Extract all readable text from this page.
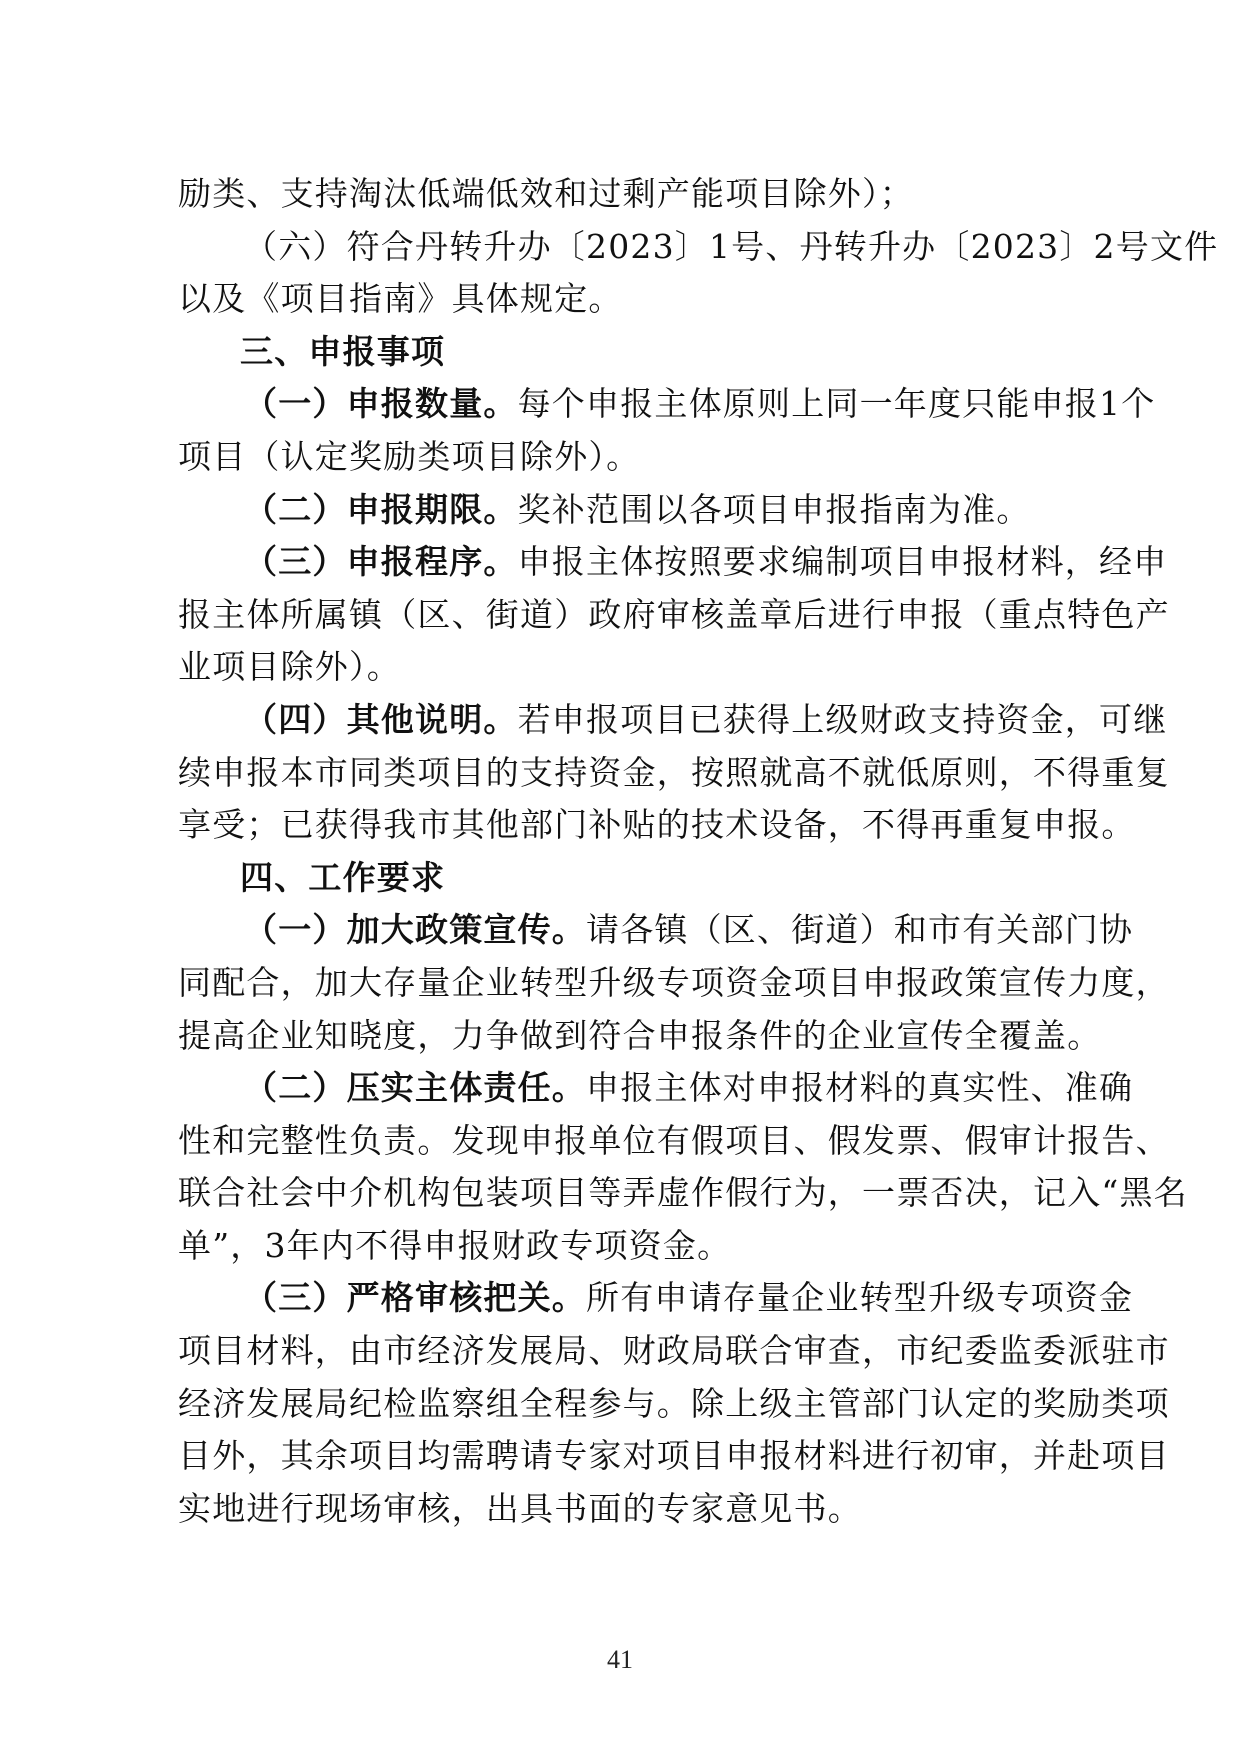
励类、支持淘汰低端低效和过剩产能项目除外）；
（六）符合丹转升办〔2023〕1号、丹转升办〔2023〕2号文件
以及《项目指南》具体规定。
三、申报事项
（一）申报数量。每个申报主体原则上同一年度只能申报1个
项目（认定奖励类项目除外）。
（二）申报期限。奖补范围以各项目申报指南为准。
（三）申报程序。申报主体按照要求编制项目申报材料，经申
报主体所属镇（区、街道）政府审核盖章后进行申报（重点特色产
业项目除外）。
（四）其他说明。若申报项目已获得上级财政支持资金，可继
续申报本市同类项目的支持资金，按照就高不就低原则，不得重复
享受；已获得我市其他部门补贴的技术设备，不得再重复申报。
四、工作要求
（一）加大政策宣传。请各镇（区、街道）和市有关部门协
同配合，加大存量企业转型升级专项资金项目申报政策宣传力度，
提高企业知晓度，力争做到符合申报条件的企业宣传全覆盖。
（二）压实主体责任。申报主体对申报材料的真实性、准确
性和完整性负责。发现申报单位有假项目、假发票、假审计报告、
联合社会中介机构包装项目等弄虚作假行为，一票否决，记入“黑名
单”，3年内不得申报财政专项资金。
（三）严格审核把关。所有申请存量企业转型升级专项资金
项目材料，由市经济发展局、财政局联合审查，市纪委监委派驻市
经济发展局纪检监察组全程参与。除上级主管部门认定的奖励类项
目外，其余项目均需聘请专家对项目申报材料进行初审，并赴项目
实地进行现场审核，出具书面的专家意见书。
41
